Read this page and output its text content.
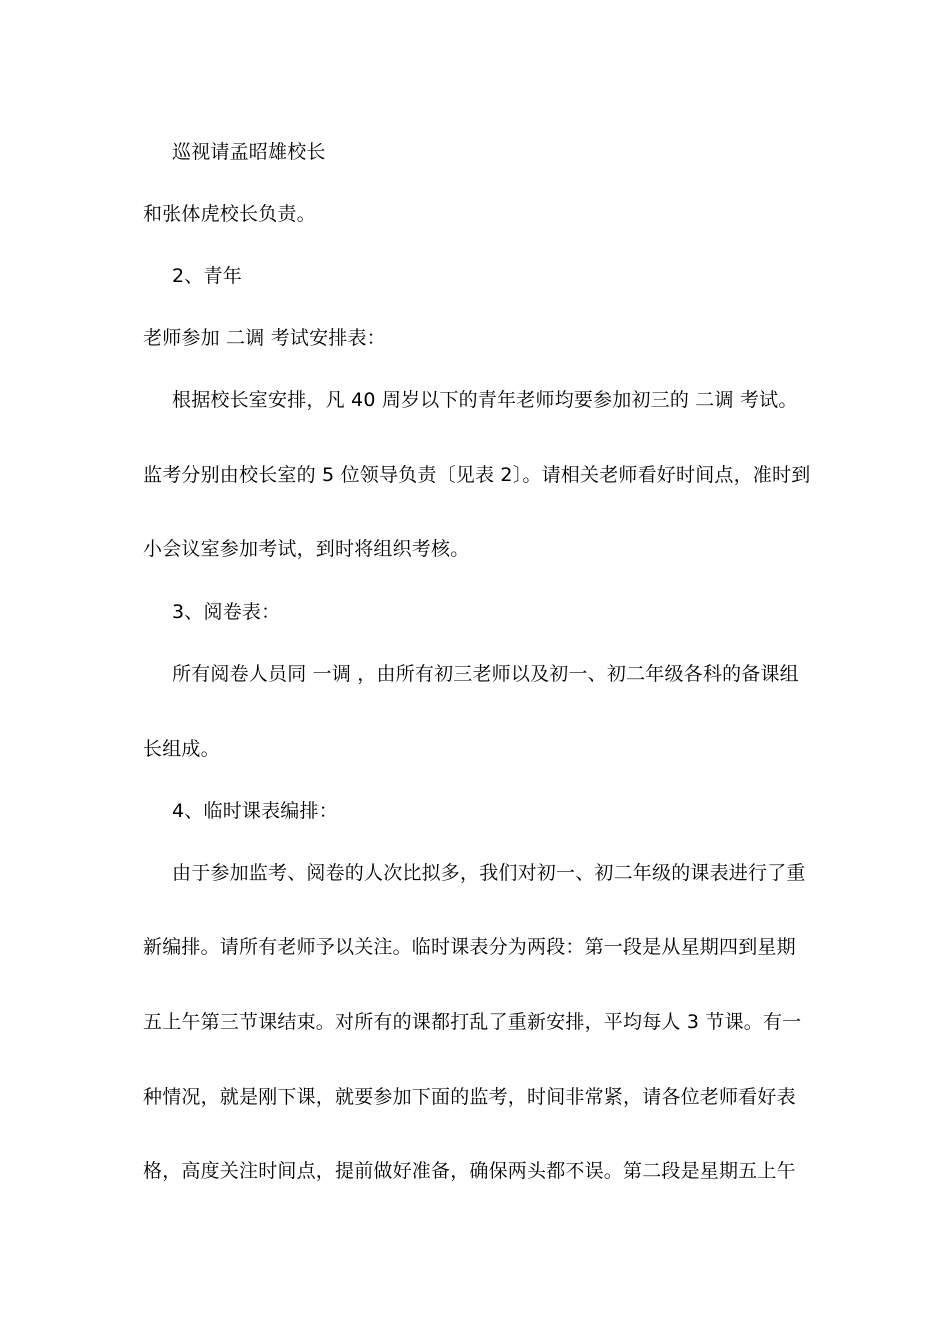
巡视请孟昭雄校长
和张体虎校长负责。
2、青年
老师参加 二调 考试安排表：
根据校长室安排，凡 40 周岁以下的青年老师均要参加初三的 二调 考试。
监考分别由校长室的 5 位领导负责〔见表 2〕。请相关老师看好时间点，准时到
小会议室参加考试，到时将组织考核。
3、阅卷表：
所有阅卷人员同 一调 ，由所有初三老师以及初一、初二年级各科的备课组
长组成。
4、临时课表编排：
由于参加监考、阅卷的人次比拟多，我们对初一、初二年级的课表进行了重
新编排。请所有老师予以关注。临时课表分为两段：第一段是从星期四到星期
五上午第三节课结束。对所有的课都打乱了重新安排，平均每人 3 节课。有一
种情况，就是刚下课，就要参加下面的监考，时间非常紧，请各位老师看好表
格，高度关注时间点，提前做好准备，确保两头都不误。第二段是星期五上午
